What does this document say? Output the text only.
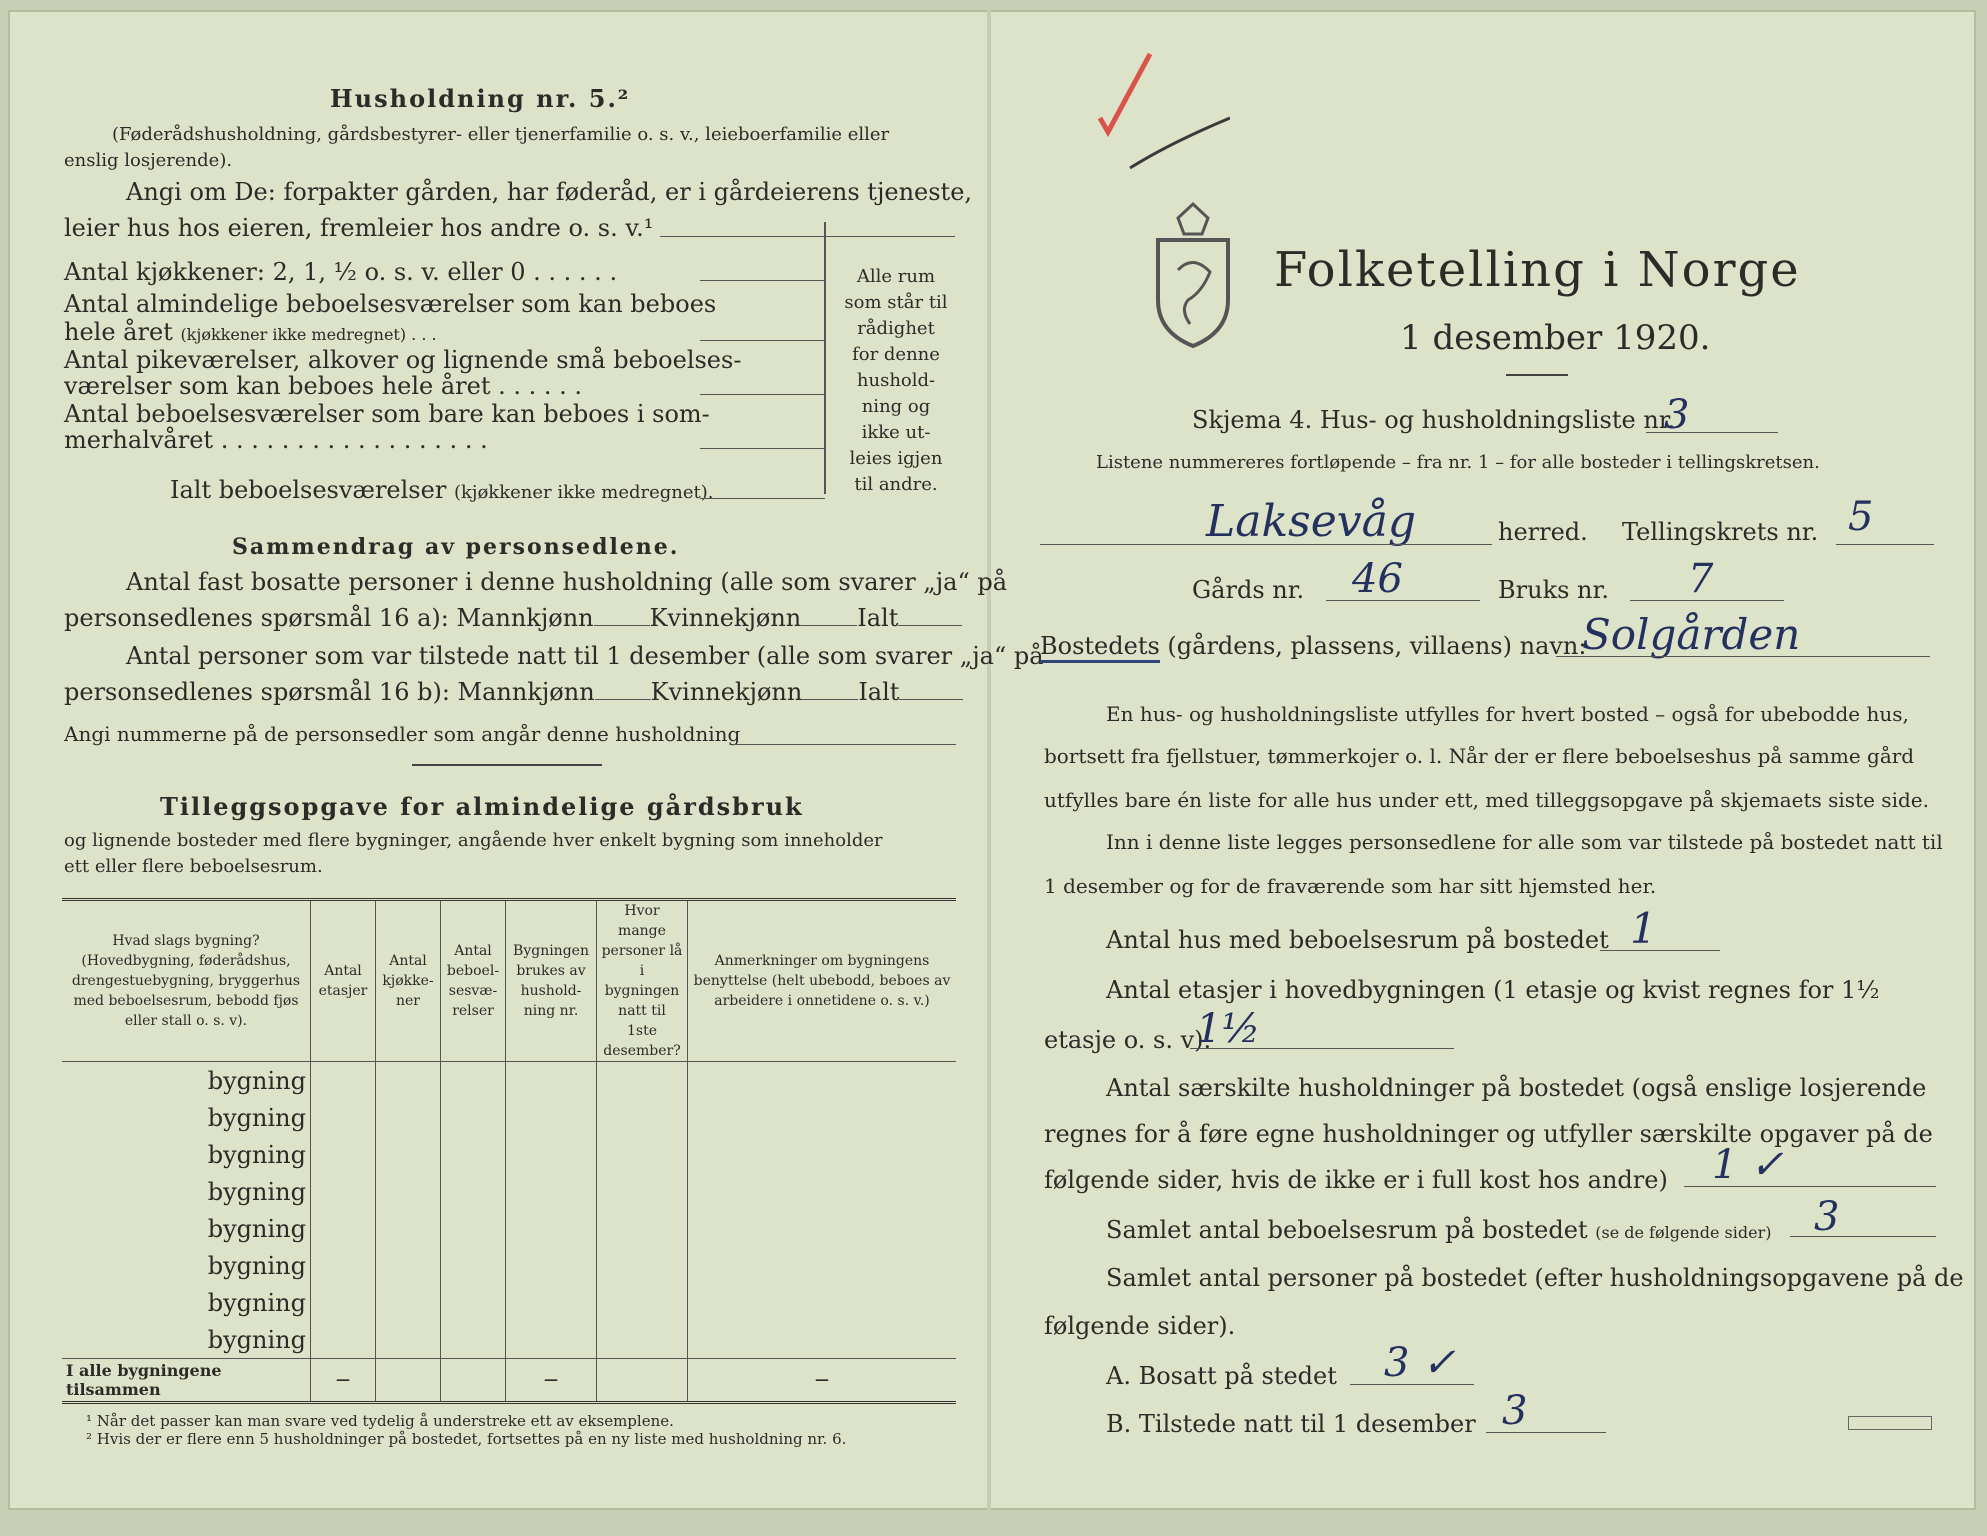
Husholdning nr. 5.²
(Føderådshusholdning, gårdsbestyrer- eller tjenerfamilie o. s. v., leieboerfamilie eller
enslig losjerende).
Angi om De: forpakter gården, har føderåd, er i gårdeierens tjeneste,
leier hus hos eieren, fremleier hos andre o. s. v.¹
Antal kjøkkener: 2, 1, ½ o. s. v. eller 0 . . . . . .
Antal almindelige beboelsesværelser som kan beboes
hele året (kjøkkener ikke medregnet) . . .
Antal pikeværelser, alkover og lignende små beboelses-
værelser som kan beboes hele året . . . . . .
Antal beboelsesværelser som bare kan beboes i som-
merhalvåret . . . . . . . . . . . . . . . . . .
Ialt beboelsesværelser (kjøkkener ikke medregnet).
Alle rum
som står til
rådighet
for denne
hushold-
ning og
ikke ut-
leies igjen
til andre.
Sammendrag av personsedlene.
Antal fast bosatte personer i denne husholdning (alle som svarer „ja“ på
personsedlenes spørsmål 16 a): Mannkjønn Kvinnekjønn Ialt
Antal personer som var tilstede natt til 1 desember (alle som svarer „ja“ på
personsedlenes spørsmål 16 b): Mannkjønn Kvinnekjønn Ialt
Angi nummerne på de personsedler som angår denne husholdning
Tilleggsopgave for almindelige gårdsbruk
og lignende bosteder med flere bygninger, angående hver enkelt bygning som inneholder
ett eller flere beboelsesrum.
Hvad slags bygning? (Hovedbygning, føderådshus, drengestuebygning, bryggerhus med beboelsesrum, bebodd fjøs eller stall o. s. v).	Antal etasjer	Antal kjøkke-ner	Antal beboel-sesvæ-relser	Bygningen brukes av hushold-ning nr.	Hvor mange personer lå i bygningen natt til 1ste desember?	Anmerkninger om bygningens benyttelse (helt ubebodd, beboes av arbeidere i onnetidene o. s. v.)
bygning						
bygning						
bygning						
bygning						
bygning						
bygning						
bygning						
bygning						
I alle bygningene tilsammen	—			—		—
¹ Når det passer kan man svare ved tydelig å understreke ett av eksemplene.
² Hvis der er flere enn 5 husholdninger på bostedet, fortsettes på en ny liste med husholdning nr. 6.
Folketelling i Norge
1 desember 1920.
Skjema 4. Hus- og husholdningsliste nr.
3
Listene nummereres fortløpende – fra nr. 1 – for alle bosteder i tellingskretsen.
Laksevåg	herred. Tellingskrets nr. 5
Gårds nr. 46	Bruks nr. 7
Bostedets (gårdens, plassens, villaens) navn:
Solgården
En hus- og husholdningsliste utfylles for hvert bosted – også for ubebodde hus,
bortsett fra fjellstuer, tømmerkojer o. l. Når der er flere beboelseshus på samme gård
utfylles bare én liste for alle hus under ett, med tilleggsopgave på skjemaets siste side.
Inn i denne liste legges personsedlene for alle som var tilstede på bostedet natt til
1 desember og for de fraværende som har sitt hjemsted her.
Antal hus med beboelsesrum på bostedet 1
Antal etasjer i hovedbygningen (1 etasje og kvist regnes for 1½
etasje o. s. v).
1½
Antal særskilte husholdninger på bostedet (også enslige losjerende
regnes for å føre egne husholdninger og utfyller særskilte opgaver på de
følgende sider, hvis de ikke er i full kost hos andre) 1 ✓
Samlet antal beboelsesrum på bostedet (se de følgende sider) 3
Samlet antal personer på bostedet (efter husholdningsopgavene på de
følgende sider).
A. Bosatt på stedet 3 ✓
B. Tilstede natt til 1 desember 3
